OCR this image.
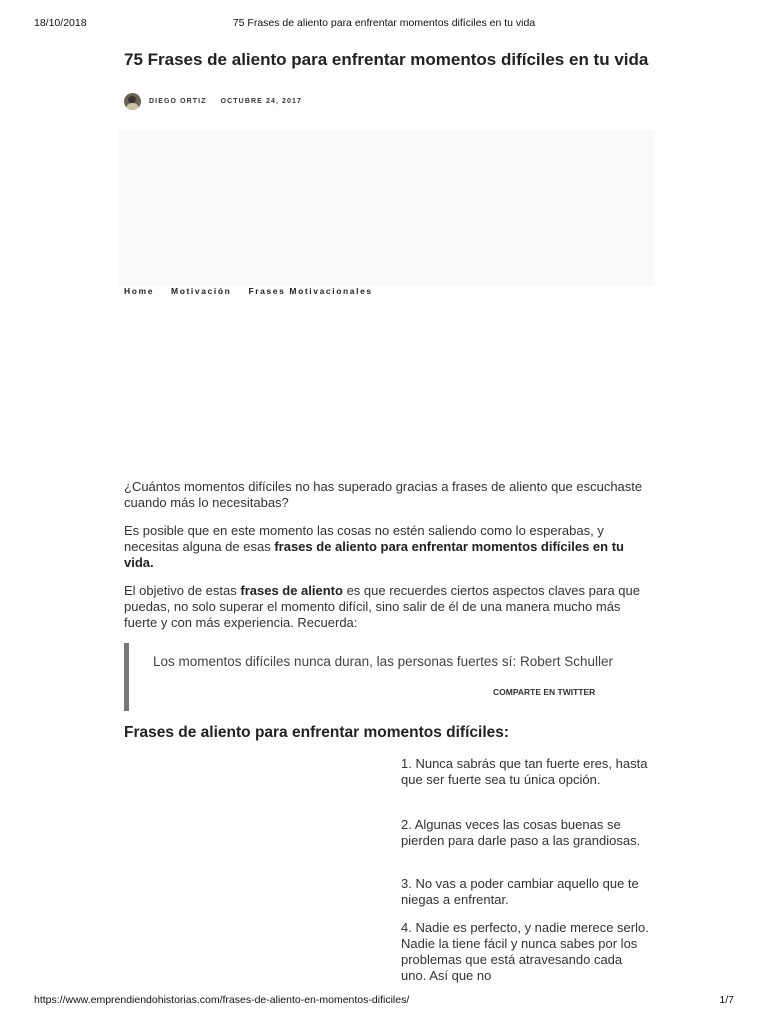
18/10/2018	75 Frases de aliento para enfrentar momentos difíciles en tu vida
75 Frases de aliento para enfrentar momentos difíciles en tu vida
DIEGO ORTIZ OCTUBRE 24, 2017
Home Motivación Frases Motivacionales

¿Cuántos momentos difíciles no has superado gracias a frases de aliento que escuchaste cuando más lo necesitabas?

Es posible que en este momento las cosas no estén saliendo como lo esperabas, y necesitas alguna de esas frases de aliento para enfrentar momentos difíciles en tu vida.

El objetivo de estas frases de aliento es que recuerdes ciertos aspectos claves para que puedas, no solo superar el momento difícil, sino salir de él de una manera mucho más fuerte y con más experiencia. Recuerda:

Los momentos difíciles nunca duran, las personas fuertes sí: Robert Schuller

COMPARTE EN TWITTER
Frases de aliento para enfrentar momentos difíciles:
1. Nunca sabrás que tan fuerte eres, hasta que ser fuerte sea tu única opción.
2. Algunas veces las cosas buenas se pierden para darle paso a las grandiosas.
3. No vas a poder cambiar aquello que te niegas a enfrentar.
4. Nadie es perfecto, y nadie merece serlo. Nadie la tiene fácil y nunca sabes por los problemas que está atravesando cada uno. Así que no
https://www.emprendiendohistorias.com/frases-de-aliento-en-momentos-dificiles/	1/7
